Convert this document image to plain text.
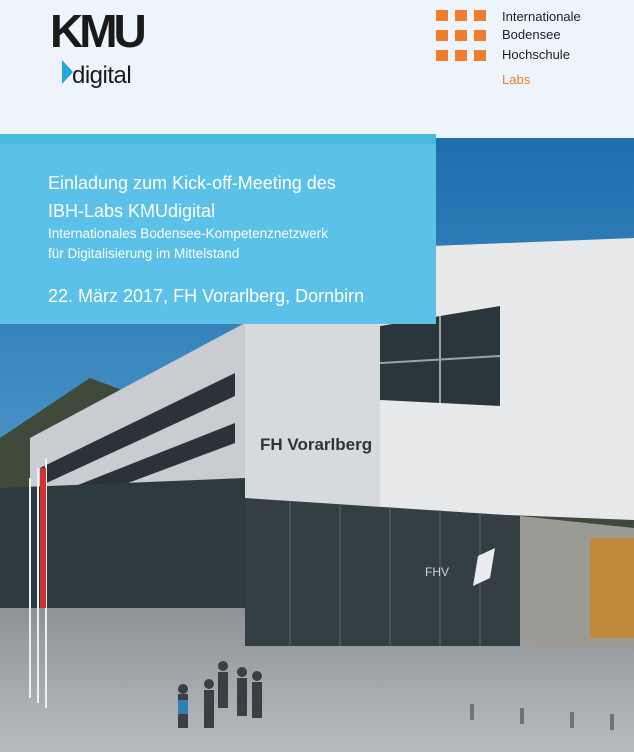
KMU
digital
Internationale
Bodensee
Hochschule
Labs
FH Vorarlberg
FHV
Einladung zum Kick-off-Meeting des
IBH-Labs KMUdigital
Internationales Bodensee-Kompetenznetzwerk
für Digitalisierung im Mittelstand
22. März 2017, FH Vorarlberg, Dornbirn
